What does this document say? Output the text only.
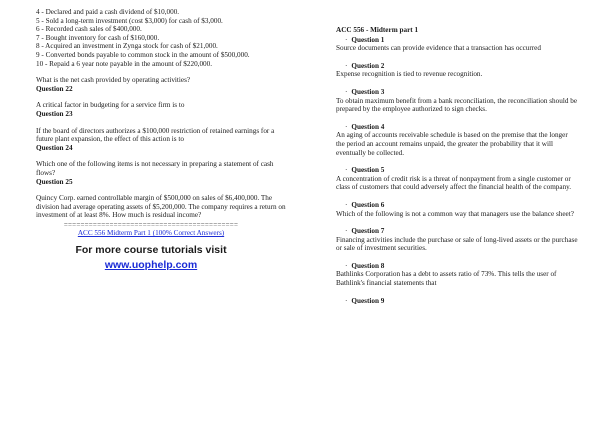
4 - Declared and paid a cash dividend of $10,000.

5 - Sold a long-term investment (cost $3,000) for cash of $3,000.

6 - Recorded cash sales of $400,000.

7 - Bought inventory for cash of $160,000.

8 - Acquired an investment in Zynga stock for cash of $21,000.

9 - Converted bonds payable to common stock in the amount of $500,000.

10 - Repaid a 6 year note payable in the amount of $220,000.

What is the net cash provided by operating activities?

Question 22

A critical factor in budgeting for a service firm is to

Question 23

If the board of directors authorizes a $100,000 restriction of retained earnings for a future plant expansion, the effect of this action is to

Question 24

Which one of the following items is not necessary in preparing a statement of cash flows?

Question 25

Quincy Corp. earned controllable margin of $500,000 on sales of $6,400,000. The division had average operating assets of $5,200,000. The company requires a return on investment of at least 8%. How much is residual income?

==========================================

ACC 556 Midterm Part 1 (100% Correct Answers)

For more course tutorials visit

www.uophelp.com

ACC 556 - Midterm part 1

· Question 1

Source documents can provide evidence that a transaction has occurred

· Question 2

Expense recognition is tied to revenue recognition.

· Question 3

To obtain maximum benefit from a bank reconciliation, the reconciliation should be prepared by the employee authorized to sign checks.

· Question 4

An aging of accounts receivable schedule is based on the premise that the longer the period an account remains unpaid, the greater the probability that it will eventually be collected.

· Question 5

A concentration of credit risk is a threat of nonpayment from a single customer or class of customers that could adversely affect the financial health of the company.

· Question 6

Which of the following is not a common way that managers use the balance sheet?

· Question 7

Financing activities include the purchase or sale of long-lived assets or the purchase or sale of investment securities.

· Question 8

Bathlinks Corporation has a debt to assets ratio of 73%. This tells the user of Bathlink's financial statements that

· Question 9
